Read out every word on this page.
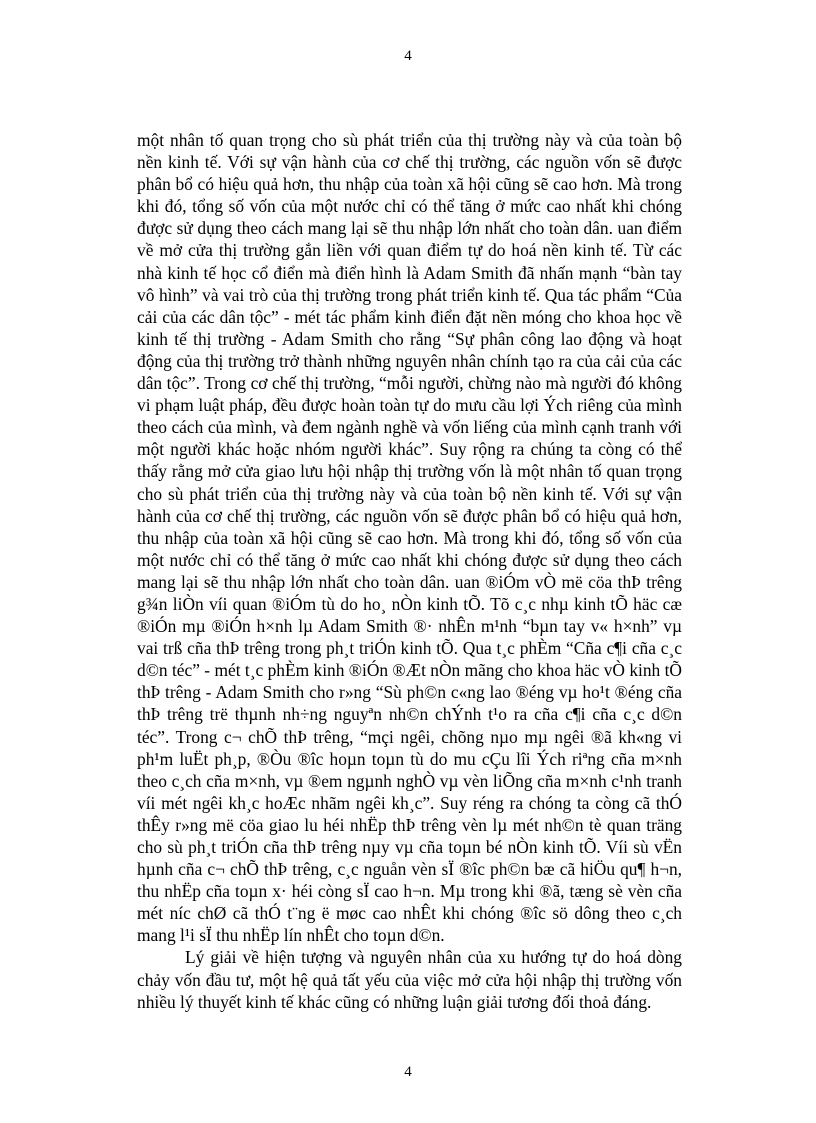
4

một nhân tố quan trọng cho sù phát triển của thị trường này và của toàn bộ nền kinh tế. Với sự vận hành của cơ chế thị trường, các nguồn vốn sẽ được phân bổ có hiệu quả hơn, thu nhập của toàn xã hội cũng sẽ cao hơn. Mà trong khi đó, tổng số vốn của một nước chỉ có thể tăng ở mức cao nhất khi chóng được sử dụng theo cách mang lại sẽ thu nhập lớn nhất cho toàn dân. uan điểm về mở cửa thị trường gắn liền với quan điểm tự do hoá nền kinh tế. Từ các nhà kinh tế học cổ điển mà điển hình là Adam Smith đã nhấn mạnh “bàn tay vô hình” và vai trò của thị trường trong phát triển kinh tế. Qua tác phẩm “Của cải của các dân tộc” - mét tác phẩm kinh điển đặt nền móng cho khoa học về kinh tế thị trường - Adam Smith cho rằng “Sự phân công lao động và hoạt động của thị trường trở thành những nguyên nhân chính tạo ra của cải của các dân tộc”. Trong cơ chế thị trường, “mỗi người, chừng nào mà người đó không vi phạm luật pháp, đều được hoàn toàn tự do mưu cầu lợi Ých riêng của mình theo cách của mình, và đem ngành nghề và vốn liếng của mình cạnh tranh với một người khác hoặc nhóm người khác”. Suy rộng ra chúng ta còng có thể thấy rằng mở cửa giao lưu hội nhập thị trường vốn là một nhân tố quan trọng cho sù phát triển của thị trường này và của toàn bộ nền kinh tế. Với sự vận hành của cơ chế thị trường, các nguồn vốn sẽ được phân bổ có hiệu quả hơn, thu nhập của toàn xã hội cũng sẽ cao hơn. Mà trong khi đó, tổng số vốn của một nước chỉ có thể tăng ở mức cao nhất khi chóng được sử dụng theo cách mang lại sẽ thu nhập lớn nhất cho toàn dân. uan ®iÓm vÒ më cöa thÞ trêng g¾n liÒn víi quan ®iÓm tù do ho¸ nÒn kinh tÕ. Tõ c¸c nhµ kinh tÕ häc cæ ®iÓn mµ ®iÓn h×nh lµ Adam Smith ®· nhÊn m¹nh “bµn tay v« h×nh” vµ vai trß cña thÞ trêng trong ph¸t triÓn kinh tÕ. Qua t¸c phÈm “Cña c¶i cña c¸c d©n téc” - mét t¸c phÈm kinh ®iÓn ®Æt nÒn mãng cho khoa häc vÒ kinh tÕ thÞ trêng - Adam Smith cho r»ng “Sù ph©n c«ng lao ®éng vµ ho¹t ®éng cña thÞ trêng trë thµnh nh÷ng nguyªn nh©n chÝnh t¹o ra cña c¶i cña c¸c d©n téc”. Trong c¬ chÕ thÞ trêng, “mçi ngêi, chõng nµo mµ ngêi ®ã kh«ng vi ph¹m luËt ph¸p, ®Òu ®îc hoµn toµn tù do mu cÇu lîi Ých riªng cña m×nh theo c¸ch cña m×nh, vµ ®em ngµnh nghÒ vµ vèn liÕng cña m×nh c¹nh tranh víi mét ngêi kh¸c hoÆc nhãm ngêi kh¸c”. Suy réng ra chóng ta còng cã thÓ thÊy r»ng më cöa giao lu héi nhËp thÞ trêng vèn lµ mét nh©n tè quan träng cho sù ph¸t triÓn cña thÞ trêng nµy vµ cña toµn bé nÒn kinh tÕ. Víi sù vËn hµnh cña c¬ chÕ thÞ trêng, c¸c nguån vèn sÏ ®îc ph©n bæ cã hiÖu qu¶ h¬n, thu nhËp cña toµn x· héi còng sÏ cao h¬n. Mµ trong khi ®ã, tæng sè vèn cña mét níc chØ cã thÓ t¨ng ë møc cao nhÊt khi chóng ®îc sö dông theo c¸ch mang l¹i sÏ thu nhËp lín nhÊt cho toµn d©n.

Lý giải về hiện tượng và nguyên nhân của xu hướng tự do hoá dòng chảy vốn đầu tư, một hệ quả tất yếu của việc mở cửa hội nhập thị trường vốn nhiều lý thuyết kinh tế khác cũng có những luận giải tương đối thoả đáng.

4
